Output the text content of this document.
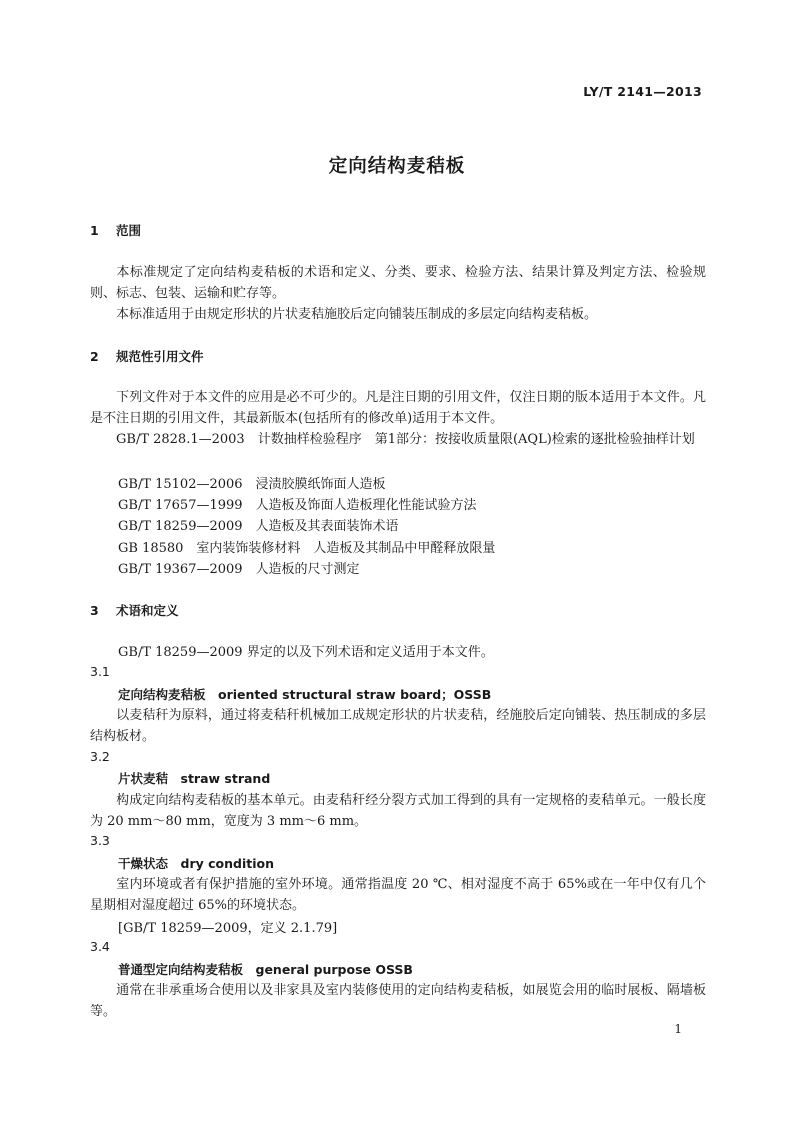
LY/T 2141—2013
定向结构麦秸板
1 范围
本标准规定了定向结构麦秸板的术语和定义、分类、要求、检验方法、结果计算及判定方法、检验规则、标志、包装、运输和贮存等。
本标准适用于由规定形状的片状麦秸施胶后定向铺装压制成的多层定向结构麦秸板。
2 规范性引用文件
下列文件对于本文件的应用是必不可少的。凡是注日期的引用文件，仅注日期的版本适用于本文件。凡是不注日期的引用文件，其最新版本(包括所有的修改单)适用于本文件。
GB/T 2828.1—2003　计数抽样检验程序　第1部分：按接收质量限(AQL)检索的逐批检验抽样计划
GB/T 15102—2006　浸渍胶膜纸饰面人造板
GB/T 17657—1999　人造板及饰面人造板理化性能试验方法
GB/T 18259—2009　人造板及其表面装饰术语
GB 18580　室内装饰装修材料　人造板及其制品中甲醛释放限量
GB/T 19367—2009　人造板的尺寸测定
3 术语和定义
GB/T 18259—2009 界定的以及下列术语和定义适用于本文件。
3.1
定向结构麦秸板　oriented structural straw board；OSSB
以麦秸秆为原料，通过将麦秸秆机械加工成规定形状的片状麦秸，经施胶后定向铺装、热压制成的多层结构板材。
3.2
片状麦秸　straw strand
构成定向结构麦秸板的基本单元。由麦秸秆经分裂方式加工得到的具有一定规格的麦秸单元。一般长度为 20 mm～80 mm，宽度为 3 mm～6 mm。
3.3
干燥状态　dry condition
室内环境或者有保护措施的室外环境。通常指温度 20 ℃、相对湿度不高于 65%或在一年中仅有几个星期相对湿度超过 65%的环境状态。
[GB/T 18259—2009，定义 2.1.79]
3.4
普通型定向结构麦秸板　general purpose OSSB
通常在非承重场合使用以及非家具及室内装修使用的定向结构麦秸板，如展览会用的临时展板、隔墙板等。
1
